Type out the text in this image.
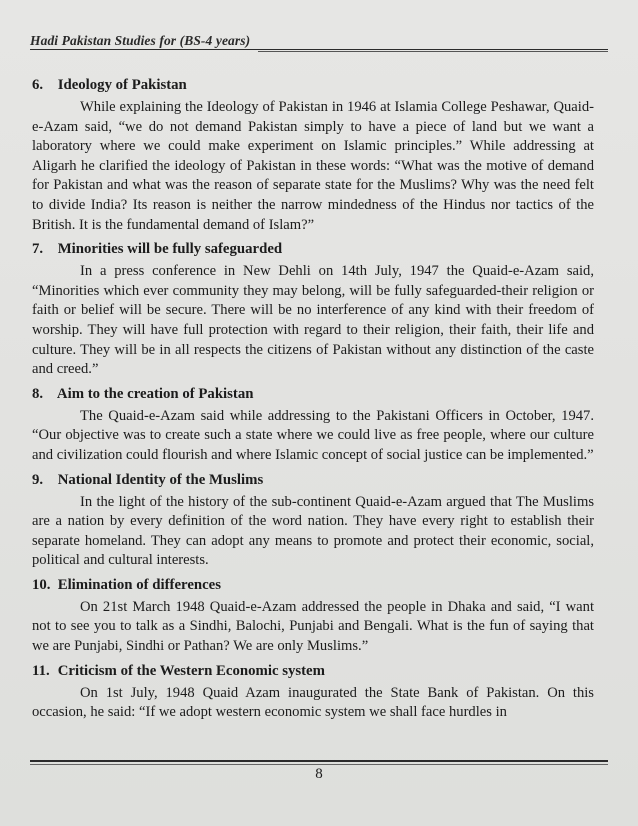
Hadi Pakistan Studies for (BS-4 years)
6. Ideology of Pakistan

While explaining the Ideology of Pakistan in 1946 at Islamia College Peshawar, Quaid-e-Azam said, “we do not demand Pakistan simply to have a piece of land but we want a laboratory where we could make experiment on Islamic principles.” While addressing at Aligarh he clarified the ideology of Pakistan in these words: “What was the motive of demand for Pakistan and what was the reason of separate state for the Muslims? Why was the need felt to divide India? Its reason is neither the narrow mindedness of the Hindus nor tactics of the British. It is the fundamental demand of Islam?”

7. Minorities will be fully safeguarded

In a press conference in New Dehli on 14th July, 1947 the Quaid-e-Azam said, “Minorities which ever community they may belong, will be fully safeguarded-their religion or faith or belief will be secure. There will be no interference of any kind with their freedom of worship. They will have full protection with regard to their religion, their faith, their life and culture. They will be in all respects the citizens of Pakistan without any distinction of the caste and creed.”

8. Aim to the creation of Pakistan

The Quaid-e-Azam said while addressing to the Pakistani Officers in October, 1947. “Our objective was to create such a state where we could live as free people, where our culture and civilization could flourish and where Islamic concept of social justice can be implemented.”

9. National Identity of the Muslims

In the light of the history of the sub-continent Quaid-e-Azam argued that The Muslims are a nation by every definition of the word nation. They have every right to establish their separate homeland. They can adopt any means to promote and protect their economic, social, political and cultural interests.

10. Elimination of differences

On 21st March 1948 Quaid-e-Azam addressed the people in Dhaka and said, “I want not to see you to talk as a Sindhi, Balochi, Punjabi and Bengali. What is the fun of saying that we are Punjabi, Sindhi or Pathan? We are only Muslims.”

11. Criticism of the Western Economic system

On 1st July, 1948 Quaid Azam inaugurated the State Bank of Pakistan. On this occasion, he said: “If we adopt western economic system we shall face hurdles in

8
